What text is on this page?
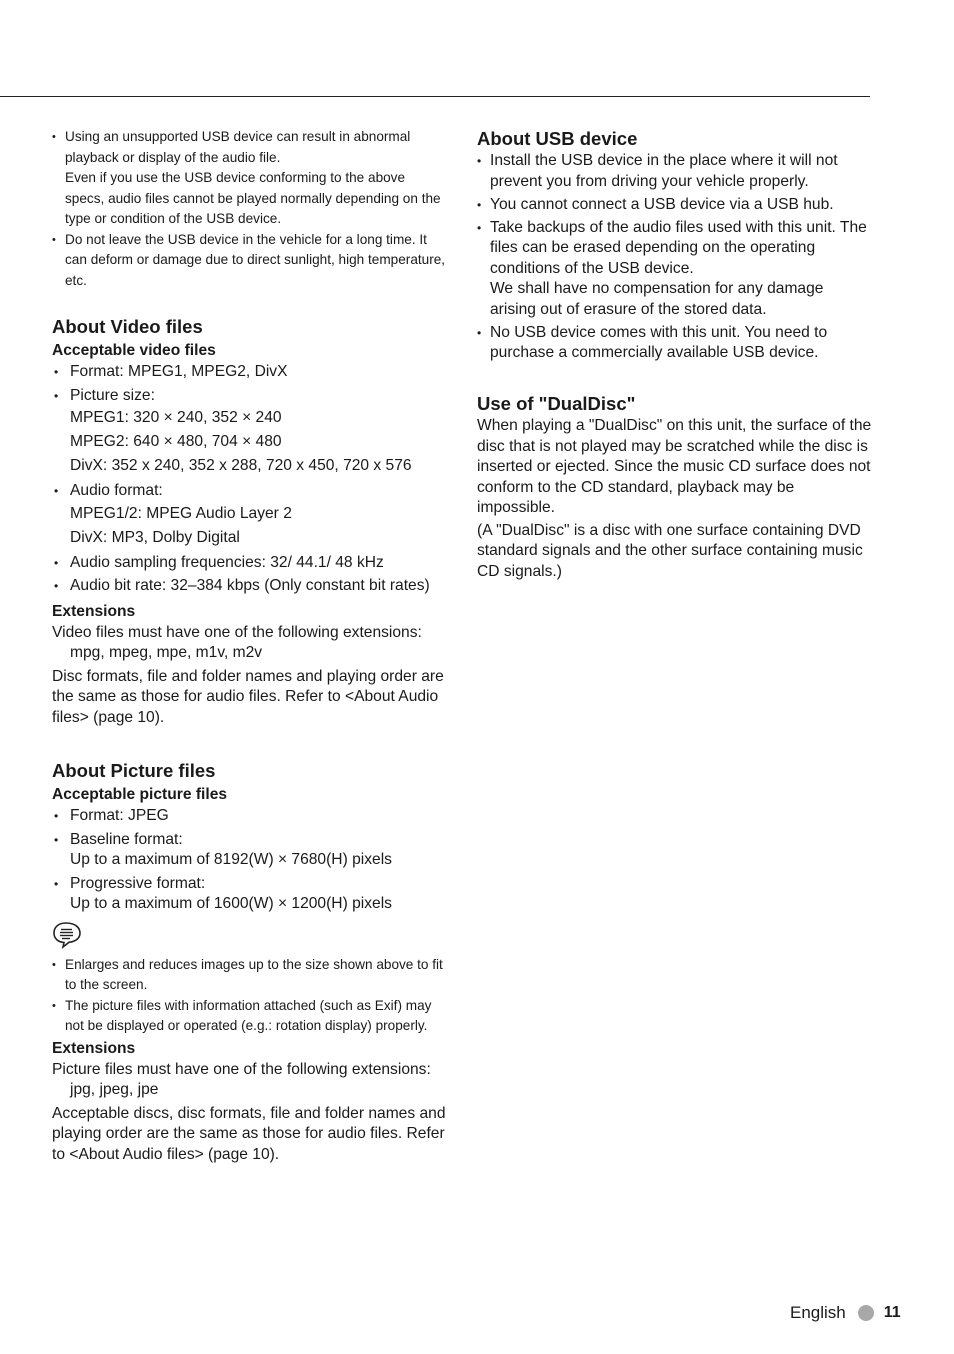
• Using an unsupported USB device can result in abnormal playback or display of the audio file.
Even if you use the USB device conforming to the above specs, audio files cannot be played normally depending on the type or condition of the USB device.
• Do not leave the USB device in the vehicle for a long time. It can deform or damage due to direct sunlight, high temperature, etc.
About Video files
Acceptable video files
• Format: MPEG1, MPEG2, DivX
• Picture size:
MPEG1: 320 × 240, 352 × 240
MPEG2: 640 × 480, 704 × 480
DivX: 352 x 240, 352 x 288, 720 x 450, 720 x 576
• Audio format:
MPEG1/2: MPEG Audio Layer 2
DivX: MP3, Dolby Digital
• Audio sampling frequencies: 32/ 44.1/ 48 kHz
• Audio bit rate: 32–384 kbps (Only constant bit rates)
Extensions

Video files must have one of the following extensions:

mpg, mpeg, mpe, m1v, m2v

Disc formats, file and folder names and playing order are the same as those for audio files. Refer to <About Audio files> (page 10).

About Picture files
Acceptable picture files
• Format: JPEG
• Baseline format:
Up to a maximum of 8192(W) × 7680(H) pixels
• Progressive format:
Up to a maximum of 1600(W) × 1200(H) pixels
• Enlarges and reduces images up to the size shown above to fit to the screen.
• The picture files with information attached (such as Exif) may not be displayed or operated (e.g.: rotation display) properly.
Extensions

Picture files must have one of the following extensions:

jpg, jpeg, jpe

Acceptable discs, disc formats, file and folder names and playing order are the same as those for audio files. Refer to <About Audio files> (page 10).

About USB device
• Install the USB device in the place where it will not prevent you from driving your vehicle properly.
• You cannot connect a USB device via a USB hub.
• Take backups of the audio files used with this unit. The files can be erased depending on the operating conditions of the USB device.
We shall have no compensation for any damage arising out of erasure of the stored data.
• No USB device comes with this unit. You need to purchase a commercially available USB device.
Use of "DualDisc"

When playing a "DualDisc" on this unit, the surface of the disc that is not played may be scratched while the disc is inserted or ejected. Since the music CD surface does not conform to the CD standard, playback may be impossible.

(A "DualDisc" is a disc with one surface containing DVD standard signals and the other surface containing music CD signals.)

English 11
